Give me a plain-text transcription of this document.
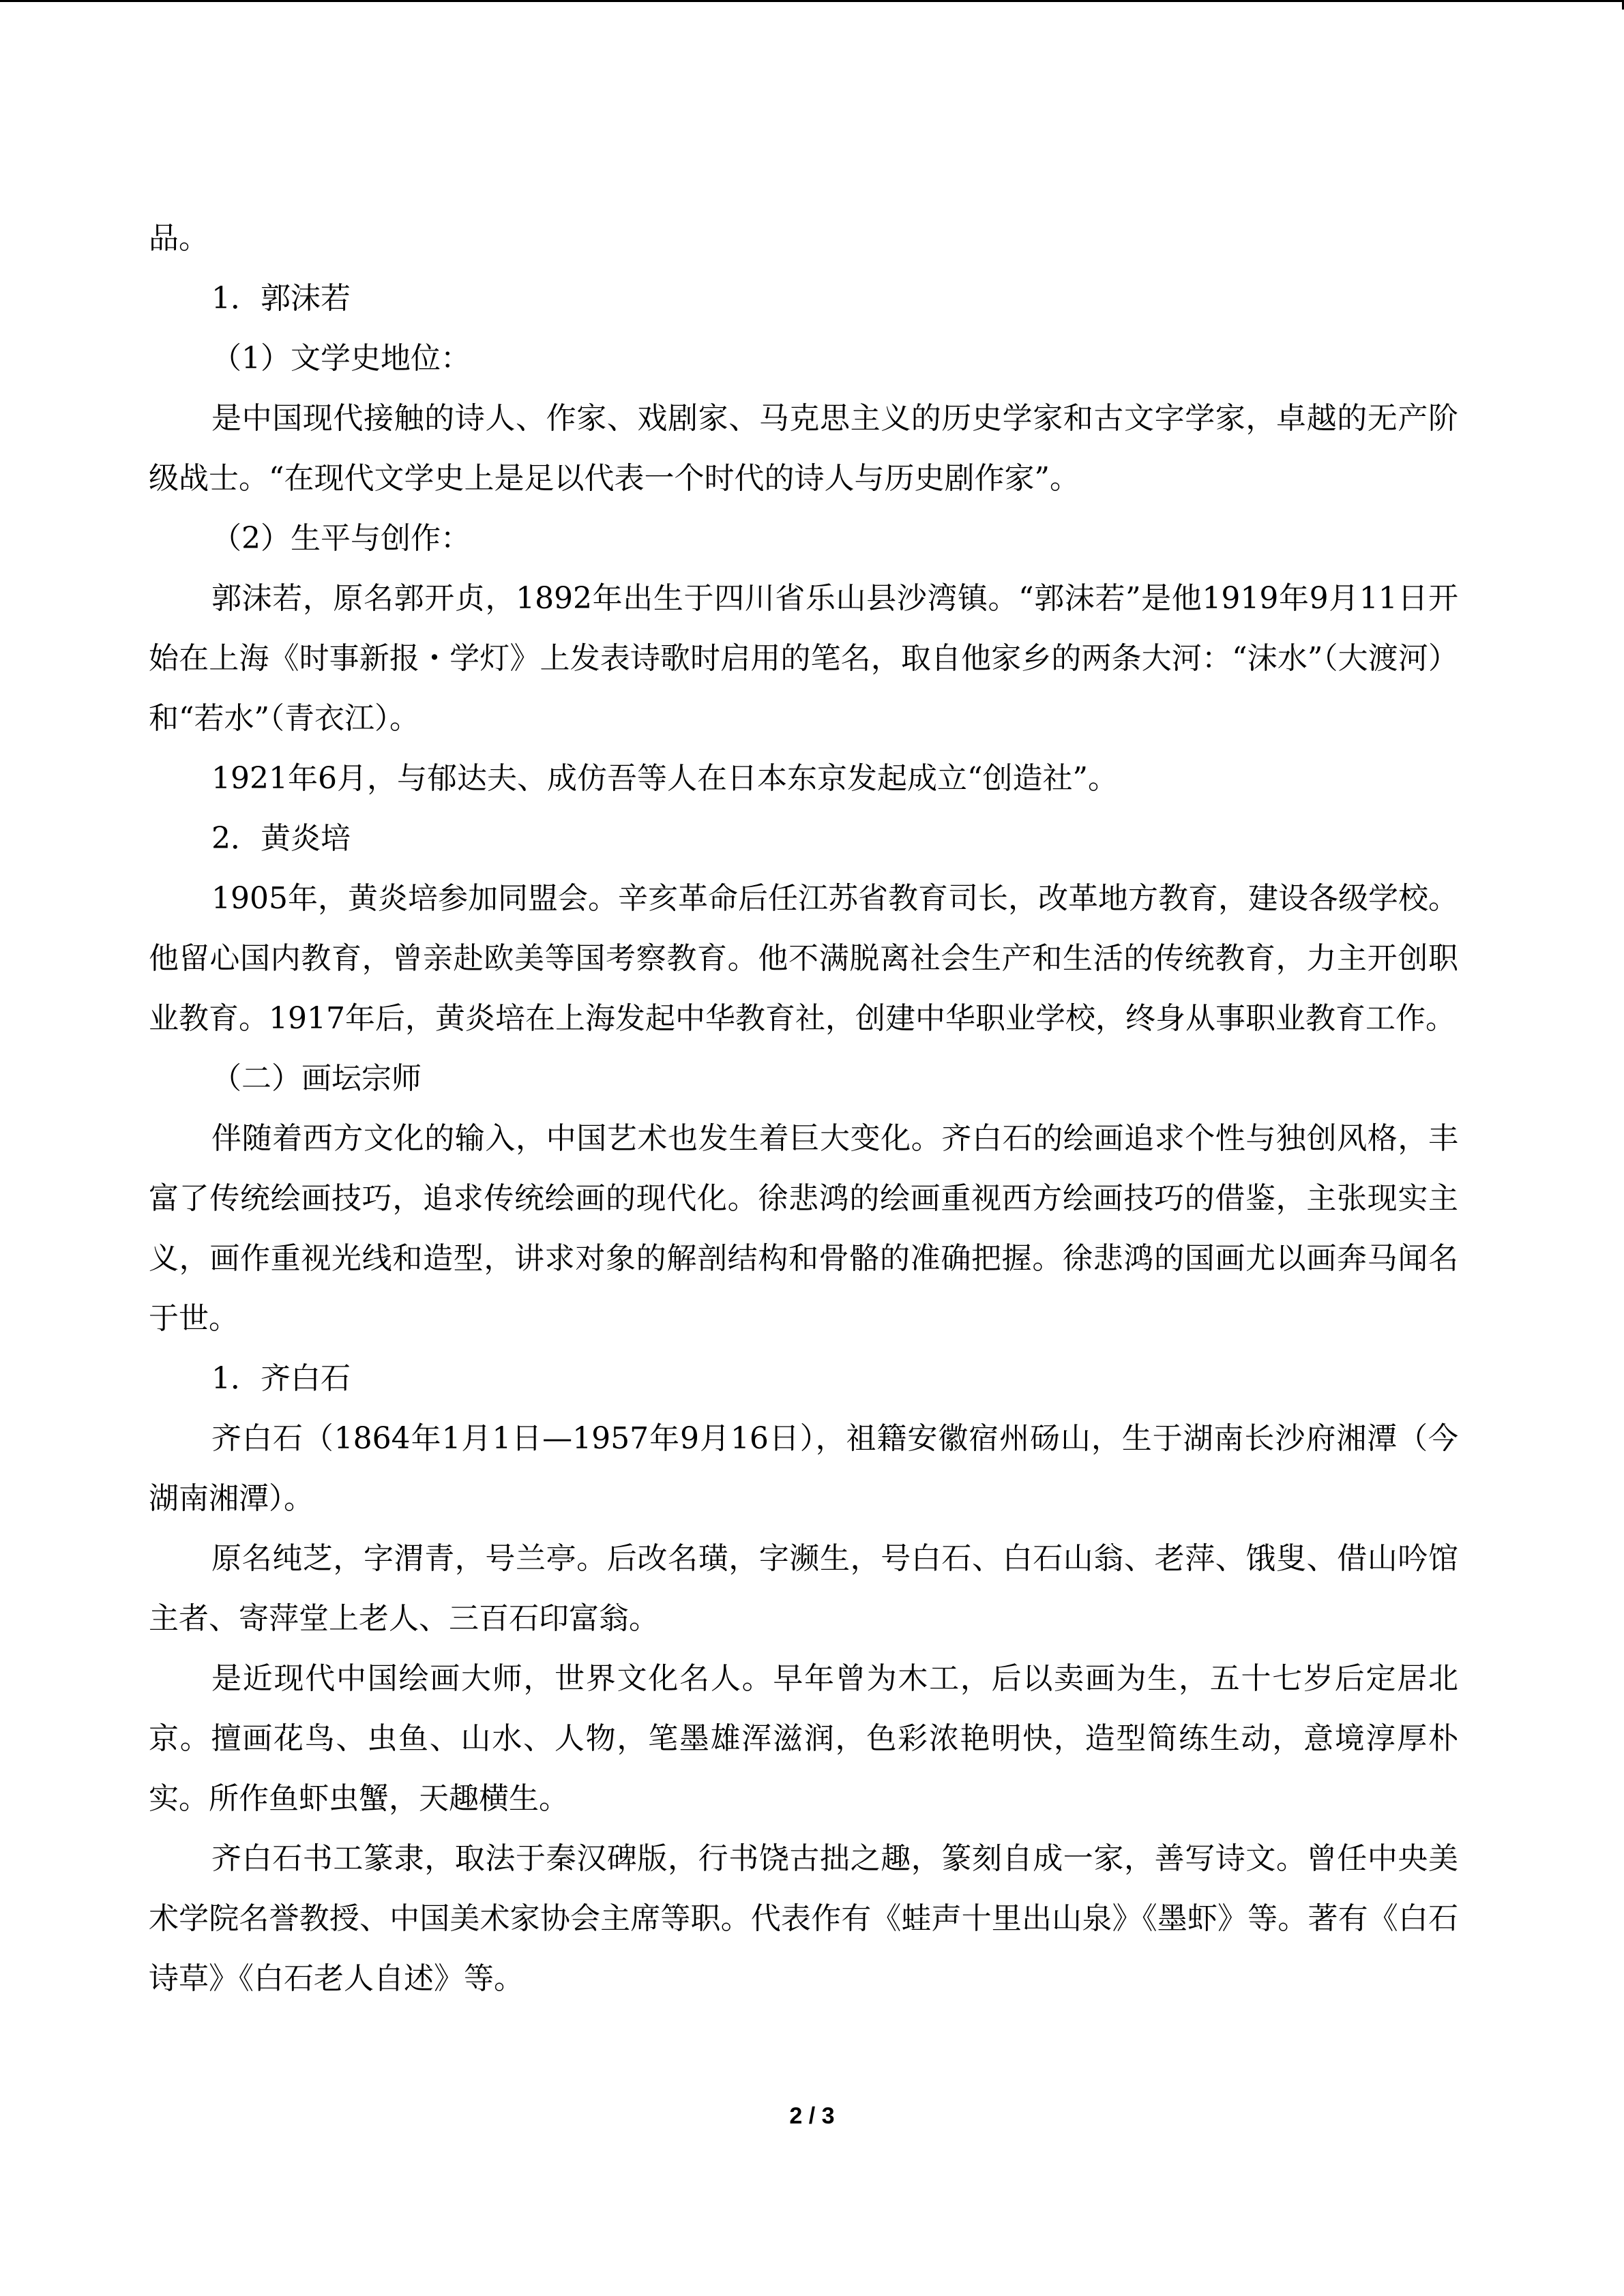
品。

1．郭沫若

（1）文学史地位：

是中国现代接触的诗人、作家、戏剧家、马克思主义的历史学家和古文字学家，卓越的无产阶级战士。“在现代文学史上是足以代表一个时代的诗人与历史剧作家”。

（2）生平与创作：

郭沫若，原名郭开贞，1892年出生于四川省乐山县沙湾镇。“郭沫若”是他1919年9月11日开始在上海《时事新报・学灯》上发表诗歌时启用的笔名，取自他家乡的两条大河：“沫水”（大渡河）和“若水”（青衣江）。

1921年6月，与郁达夫、成仿吾等人在日本东京发起成立“创造社”。

2．黄炎培

1905年，黄炎培参加同盟会。辛亥革命后任江苏省教育司长，改革地方教育，建设各级学校。他留心国内教育，曾亲赴欧美等国考察教育。他不满脱离社会生产和生活的传统教育，力主开创职业教育。1917年后，黄炎培在上海发起中华教育社，创建中华职业学校，终身从事职业教育工作。

（二）画坛宗师

伴随着西方文化的输入，中国艺术也发生着巨大变化。齐白石的绘画追求个性与独创风格，丰富了传统绘画技巧，追求传统绘画的现代化。徐悲鸿的绘画重视西方绘画技巧的借鉴，主张现实主义，画作重视光线和造型，讲求对象的解剖结构和骨骼的准确把握。徐悲鸿的国画尤以画奔马闻名于世。

1．齐白石

齐白石（1864年1月1日—1957年9月16日），祖籍安徽宿州砀山，生于湖南长沙府湘潭（今湖南湘潭）。

原名纯芝，字渭青，号兰亭。后改名璜，字濒生，号白石、白石山翁、老萍、饿叟、借山吟馆主者、寄萍堂上老人、三百石印富翁。

是近现代中国绘画大师，世界文化名人。早年曾为木工，后以卖画为生，五十七岁后定居北京。擅画花鸟、虫鱼、山水、人物，笔墨雄浑滋润，色彩浓艳明快，造型简练生动，意境淳厚朴实。所作鱼虾虫蟹，天趣横生。

齐白石书工篆隶，取法于秦汉碑版，行书饶古拙之趣，篆刻自成一家，善写诗文。曾任中央美术学院名誉教授、中国美术家协会主席等职。代表作有《蛙声十里出山泉》《墨虾》等。著有《白石诗草》《白石老人自述》等。

2 / 3
